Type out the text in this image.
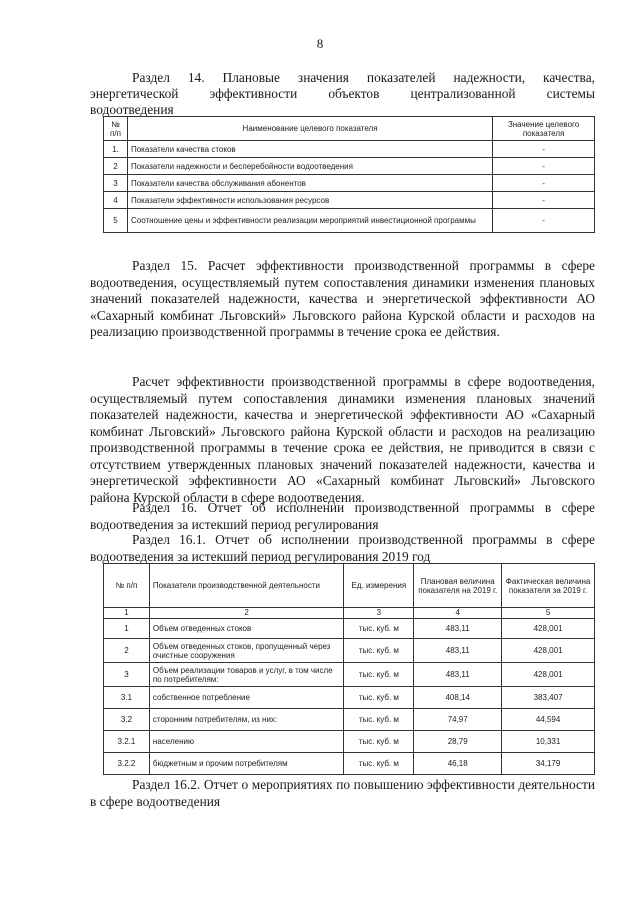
8
Раздел 14. Плановые значения показателей надежности, качества,
энергетической эффективности объектов централизованной системы
водоотведения
№ п/п	Наименование целевого показателя	Значение целевого показателя
1.	Показатели качества стоков	-
2	Показатели надежности и бесперебойности водоотведения	-
3	Показатели качества обслуживания абонентов	-
4	Показатели эффективности использования ресурсов	-
5	Соотношение цены и эффективности реализации мероприятий инвестиционной программы	-
Раздел 15. Расчет эффективности производственной программы в сфере водоотведения, осуществляемый путем сопоставления динамики изменения плановых значений показателей надежности, качества и энергетической эффективности АО «Сахарный комбинат Льговский» Льговского района Курской области и расходов на реализацию производственной программы в течение срока ее действия.
Расчет эффективности производственной программы в сфере водоотведения, осуществляемый путем сопоставления динамики изменения плановых значений показателей надежности, качества и энергетической эффективности АО «Сахарный комбинат Льговский» Льговского района Курской области и расходов на реализацию производственной программы в течение срока ее действия, не приводится в связи с отсутствием утвержденных плановых значений показателей надежности, качества и энергетической эффективности АО «Сахарный комбинат Льговский» Льговского района Курской области в сфере водоотведения.
Раздел 16. Отчет об исполнении производственной программы в сфере водоотведения за истекший период регулирования
Раздел 16.1. Отчет об исполнении производственной программы в сфере водоотведения за истекший период регулирования 2019 год
№ п/п	Показатели производственной деятельности	Ед. измерения	Плановая величина показателя на 2019 г.	Фактическая величина показателя за 2019 г.
1	2	3	4	5
1	Объем отведенных стоков	тыс. куб. м	483,11	428,001
2	Объем отведенных стоков, пропущенный через очистные сооружения	тыс. куб. м	483,11	428,001
3	Объем реализации товаров и услуг, в том числе по потребителям:	тыс. куб. м	483,11	428,001
3.1	собственное потребление	тыс. куб. м	408,14	383,407
3.2	сторонним потребителям, из них:	тыс. куб. м	74,97	44,594
3.2.1	населению	тыс. куб. м	28,79	10,331
3.2.2	бюджетным и прочим потребителям	тыс. куб. м	46,18	34,179
Раздел 16.2. Отчет о мероприятиях по повышению эффективности деятельности в сфере водоотведения
